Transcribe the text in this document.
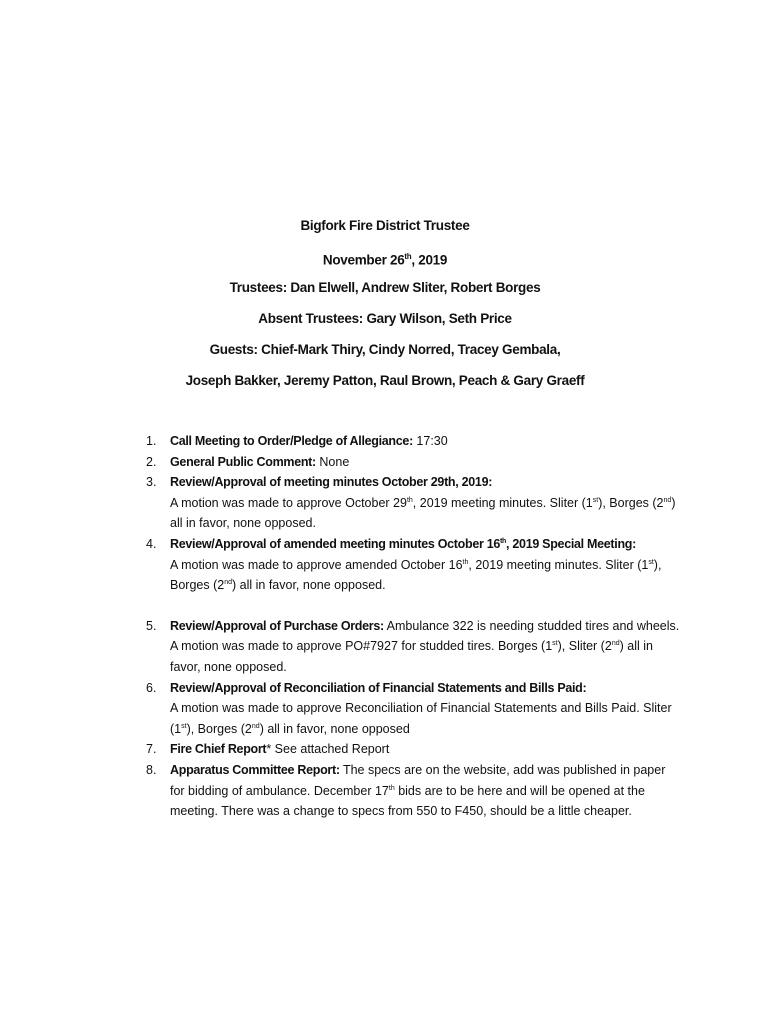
Bigfork Fire District Trustee
November 26th, 2019
Trustees: Dan Elwell, Andrew Sliter, Robert Borges
Absent Trustees: Gary Wilson, Seth Price
Guests: Chief-Mark Thiry, Cindy Norred, Tracey Gembala,
Joseph Bakker, Jeremy Patton, Raul Brown, Peach & Gary Graeff
1. Call Meeting to Order/Pledge of Allegiance: 17:30
2. General Public Comment: None
3. Review/Approval of meeting minutes October 29th, 2019:
A motion was made to approve October 29th, 2019 meeting minutes. Sliter (1st), Borges (2nd) all in favor, none opposed.
4. Review/Approval of amended meeting minutes October 16th, 2019 Special Meeting:
A motion was made to approve amended October 16th, 2019 meeting minutes. Sliter (1st), Borges (2nd) all in favor, none opposed.
5. Review/Approval of Purchase Orders: Ambulance 322 is needing studded tires and wheels. A motion was made to approve PO#7927 for studded tires. Borges (1st), Sliter (2nd) all in favor, none opposed.
6. Review/Approval of Reconciliation of Financial Statements and Bills Paid:
A motion was made to approve Reconciliation of Financial Statements and Bills Paid. Sliter (1st), Borges (2nd) all in favor, none opposed
7. Fire Chief Report* See attached Report
8. Apparatus Committee Report: The specs are on the website, add was published in paper for bidding of ambulance. December 17th bids are to be here and will be opened at the meeting. There was a change to specs from 550 to F450, should be a little cheaper.
